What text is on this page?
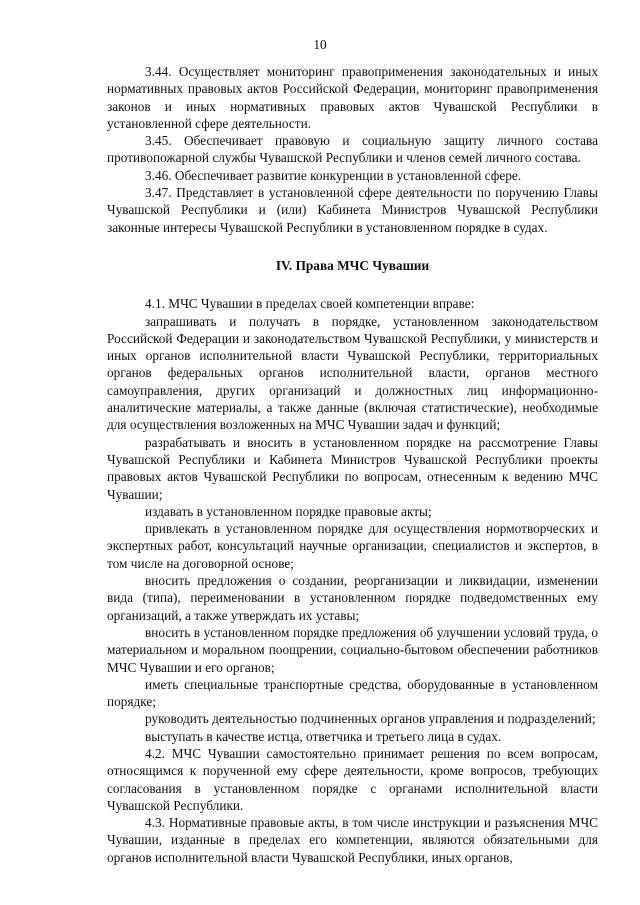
10

3.44. Осуществляет мониторинг правоприменения законодательных и иных нормативных правовых актов Российской Федерации, мониторинг правоприменения законов и иных нормативных правовых актов Чувашской Республики в установленной сфере деятельности.

3.45. Обеспечивает правовую и социальную защиту личного состава противопожарной службы Чувашской Республики и членов семей личного состава.

3.46. Обеспечивает развитие конкуренции в установленной сфере.

3.47. Представляет в установленной сфере деятельности по поручению Главы Чувашской Республики и (или) Кабинета Министров Чувашской Республики законные интересы Чувашской Республики в установленном порядке в судах.

IV. Права МЧС Чувашии

4.1. МЧС Чувашии в пределах своей компетенции вправе:

запрашивать и получать в порядке, установленном законодательством Российской Федерации и законодательством Чувашской Республики, у министерств и иных органов исполнительной власти Чувашской Республики, территориальных органов федеральных органов исполнительной власти, органов местного самоуправления, других организаций и должностных лиц информационно-аналитические материалы, а также данные (включая статистические), необходимые для осуществления возложенных на МЧС Чувашии задач и функций;

разрабатывать и вносить в установленном порядке на рассмотрение Главы Чувашской Республики и Кабинета Министров Чувашской Республики проекты правовых актов Чувашской Республики по вопросам, отнесенным к ведению МЧС Чувашии;

издавать в установленном порядке правовые акты;

привлекать в установленном порядке для осуществления нормотворческих и экспертных работ, консультаций научные организации, специалистов и экспертов, в том числе на договорной основе;

вносить предложения о создании, реорганизации и ликвидации, изменении вида (типа), переименовании в установленном порядке подведомственных ему организаций, а также утверждать их уставы;

вносить в установленном порядке предложения об улучшении условий труда, о материальном и моральном поощрении, социально-бытовом обеспечении работников МЧС Чувашии и его органов;

иметь специальные транспортные средства, оборудованные в установленном порядке;

руководить деятельностью подчиненных органов управления и подразделений;

выступать в качестве истца, ответчика и третьего лица в судах.

4.2. МЧС Чувашии самостоятельно принимает решения по всем вопросам, относящимся к порученной ему сфере деятельности, кроме вопросов, требующих согласования в установленном порядке с органами исполнительной власти Чувашской Республики.

4.3. Нормативные правовые акты, в том числе инструкции и разъяснения МЧС Чувашии, изданные в пределах его компетенции, являются обязательными для органов исполнительной власти Чувашской Республики, иных органов,
